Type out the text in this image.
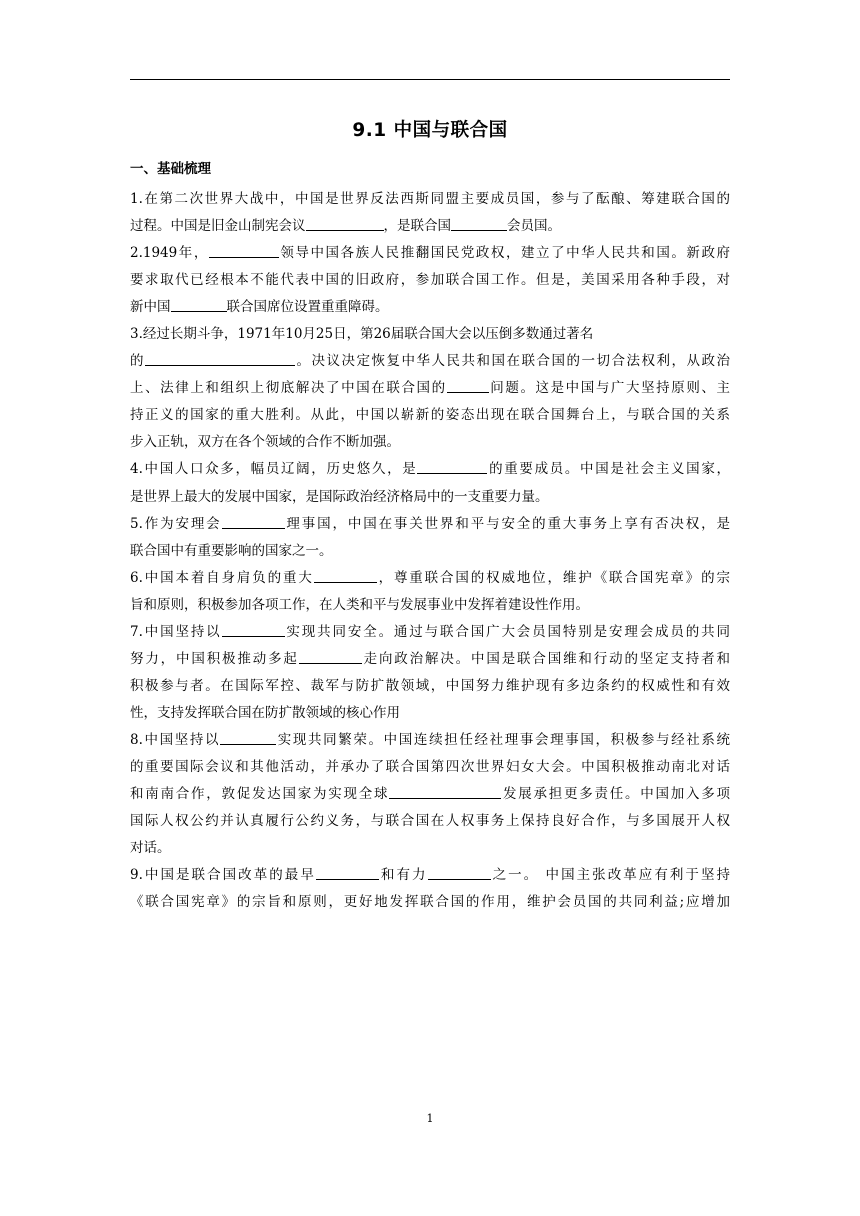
9.1 中国与联合国
一、基础梳理
1.在第二次世界大战中，中国是世界反法西斯同盟主要成员国，参与了酝酿、筹建联合国的
过程。中国是旧金山制宪会议	，是联合国	会员国。
2.1949年，	领导中国各族人民推翻国民党政权，建立了中华人民共和国。新政府
要求取代已经根本不能代表中国的旧政府，参加联合国工作。但是，美国采用各种手段，对
新中国	联合国席位设置重重障碍。
3.经过长期斗争，1971年10月25日，第26届联合国大会以压倒多数通过著名
的	。决议决定恢复中华人民共和国在联合国的一切合法权利，从政治
上、法律上和组织上彻底解决了中国在联合国的	问题。这是中国与广大坚持原则、主
持正义的国家的重大胜利。从此，中国以崭新的姿态出现在联合国舞台上，与联合国的关系
步入正轨，双方在各个领域的合作不断加强。
4.中国人口众多，幅员辽阔，历史悠久，是	的重要成员。中国是社会主义国家，
是世界上最大的发展中国家，是国际政治经济格局中的一支重要力量。
5.作为安理会	理事国，中国在事关世界和平与安全的重大事务上享有否决权，是
联合国中有重要影响的国家之一。
6.中国本着自身肩负的重大	，尊重联合国的权威地位，维护《联合国宪章》的宗
旨和原则，积极参加各项工作，在人类和平与发展事业中发挥着建设性作用。
7.中国坚持以	实现共同安全。通过与联合国广大会员国特别是安理会成员的共同
努力，中国积极推动多起	走向政治解决。中国是联合国维和行动的坚定支持者和
积极参与者。在国际军控、裁军与防扩散领域，中国努力维护现有多边条约的权威性和有效
性，支持发挥联合国在防扩散领域的核心作用
8.中国坚持以	实现共同繁荣。中国连续担任经社理事会理事国，积极参与经社系统
的重要国际会议和其他活动，并承办了联合国第四次世界妇女大会。中国积极推动南北对话
和南南合作，敦促发达国家为实现全球	发展承担更多责任。中国加入多项
国际人权公约并认真履行公约义务，与联合国在人权事务上保持良好合作，与多国展开人权
对话。
9.中国是联合国改革的最早	和有力	之一。 中国主张改革应有利于坚持
《联合国宪章》的宗旨和原则，更好地发挥联合国的作用，维护会员国的共同利益;应增加
1
